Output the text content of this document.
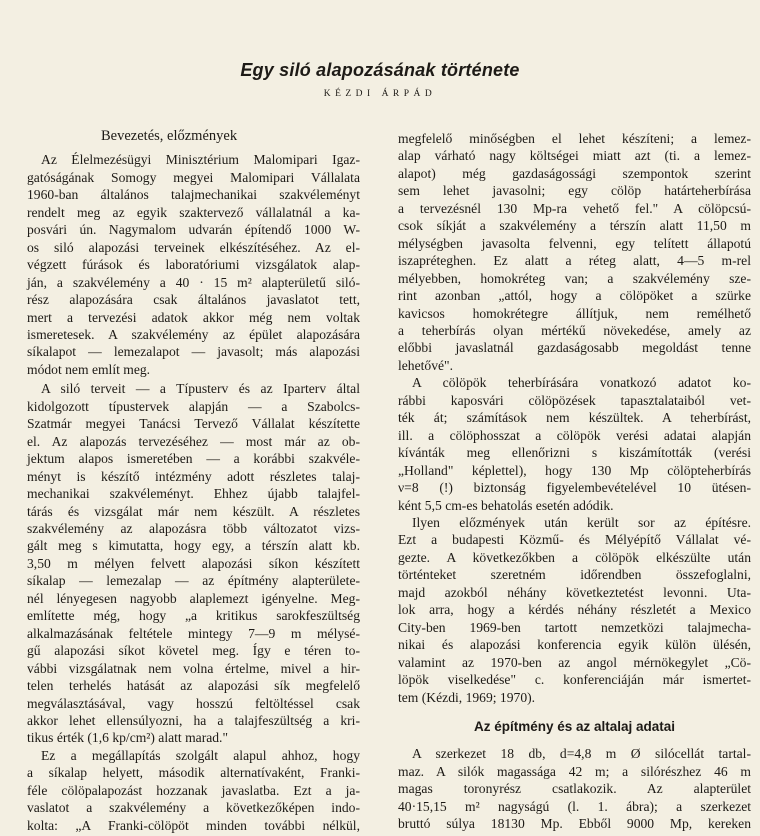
Egy siló alapozásának története
KÉZDI ÁRPÁD
Bevezetés, előzmények
Az Élelmezésügyi Minisztérium Malomipari Igaz-
gatóságának Somogy megyei Malomipari Vállalata
1960-ban általános talajmechanikai szakvéleményt
rendelt meg az egyik szaktervező vállalatnál a ka-
posvári ún. Nagymalom udvarán építendő 1000 W-
os siló alapozási terveinek elkészítéséhez. Az el-
végzett fúrások és laboratóriumi vizsgálatok alap-
ján, a szakvélemény a 40 · 15 m² alapterületű siló-
rész alapozására csak általános javaslatot tett,
mert a tervezési adatok akkor még nem voltak
ismeretesek. A szakvélemény az épület alapozására
síkalapot — lemezalapot — javasolt; más alapozási
módot nem említ meg.
A siló terveit — a Típusterv és az Iparterv által
kidolgozott típustervek alapján — a Szabolcs-
Szatmár megyei Tanácsi Tervező Vállalat készítette
el. Az alapozás tervezéséhez — most már az ob-
jektum alapos ismeretében — a korábbi szakvéle-
ményt is készítő intézmény adott részletes talaj-
mechanikai szakvéleményt. Ehhez újabb talajfel-
tárás és vizsgálat már nem készült. A részletes
szakvélemény az alapozásra több változatot vizs-
gált meg s kimutatta, hogy egy, a térszín alatt kb.
3,50 m mélyen felvett alapozási síkon készített
síkalap — lemezalap — az építmény alapterülete-
nél lényegesen nagyobb alaplemezt igényelne. Meg-
említette még, hogy „a kritikus sarokfeszültség
alkalmazásának feltétele mintegy 7—9 m mélysé-
gű alapozási síkot követel meg. Így e téren to-
vábbi vizsgálatnak nem volna értelme, mivel a hir-
telen terhelés hatását az alapozási sík megfelelő
megválasztásával, vagy hosszú feltöltéssel csak
akkor lehet ellensúlyozni, ha a talajfeszültség a kri-
tikus érték (1,6 kp/cm²) alatt marad."
Ez a megállapítás szolgált alapul ahhoz, hogy
a síkalap helyett, második alternatívaként, Franki-
féle cölöpalapozást hozzanak javaslatba. Ezt a ja-
vaslatot a szakvélemény a következőképen indo-
kolta: „A Franki-cölöpöt minden további nélkül,
megfelelő minőségben el lehet készíteni; a lemez-
alap várható nagy költségei miatt azt (ti. a lemez-
alapot) még gazdaságossági szempontok szerint
sem lehet javasolni; egy cölöp határteherbírása
a tervezésnél 130 Mp-ra vehető fel." A cölöpcsú-
csok síkját a szakvélemény a térszín alatt 11,50 m
mélységben javasolta felvenni, egy telített állapotú
iszapréteghen. Ez alatt a réteg alatt, 4—5 m-rel
mélyebben, homokréteg van; a szakvélemény sze-
rint azonban „attól, hogy a cölöpöket a szürke
kavicsos homokrétegre állítjuk, nem remélhető
a teherbírás olyan mértékű növekedése, amely az
előbbi javaslatnál gazdaságosabb megoldást tenne
lehetővé".
A cölöpök teherbírására vonatkozó adatot ko-
rábbi kaposvári cölöpözések tapasztalataiból vet-
ték át; számítások nem készültek. A teherbírást,
ill. a cölöphosszat a cölöpök verési adatai alapján
kívánták meg ellenőrizni s kiszámították (verési
„Holland" képlettel), hogy 130 Mp cölöpteherbírás
ν=8 (!) biztonság figyelembevételével 10 ütésen-
ként 5,5 cm-es behatolás esetén adódik.
Ilyen előzmények után került sor az építésre.
Ezt a budapesti Közmű- és Mélyépítő Vállalat vé-
gezte. A következőkben a cölöpök elkészülte után
történteket szeretném időrendben összefoglalni,
majd azokból néhány következtetést levonni. Uta-
lok arra, hogy a kérdés néhány részletét a Mexico
City-ben 1969-ben tartott nemzetközi talajmecha-
nikai és alapozási konferencia egyik külön ülésén,
valamint az 1970-ben az angol mérnökegylet „Cö-
löpök viselkedése" c. konferenciáján már ismertet-
tem (Kézdi, 1969; 1970).
Az építmény és az altalaj adatai
A szerkezet 18 db, d=4,8 m Ø silócellát tartal-
maz. A silók magassága 42 m; a silórészhez 46 m
magas toronyrész csatlakozik. Az alapterület
40·15,15 m² nagyságú (l. 1. ábra); a szerkezet
bruttó súlya 18130 Mp. Ebből 9000 Mp, kereken
